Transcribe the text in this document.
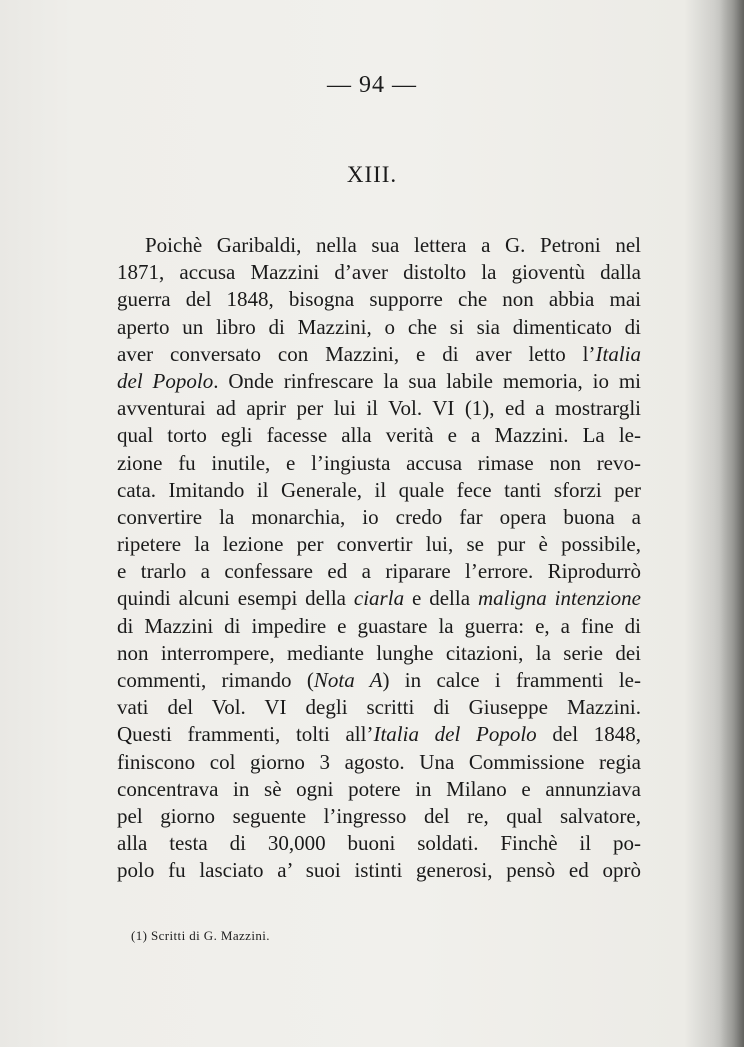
— 94 —
XIII.
Poichè Garibaldi, nella sua lettera a G. Petroni nel
1871, accusa Mazzini d’aver distolto la gioventù dalla
guerra del 1848, bisogna supporre che non abbia mai
aperto un libro di Mazzini, o che si sia dimenticato di
aver conversato con Mazzini, e di aver letto l’Italia
del Popolo. Onde rinfrescare la sua labile memoria, io mi
avventurai ad aprir per lui il Vol. VI (1), ed a mostrargli
qual torto egli facesse alla verità e a Mazzini. La le-
zione fu inutile, e l’ingiusta accusa rimase non revo-
cata. Imitando il Generale, il quale fece tanti sforzi per
convertire la monarchia, io credo far opera buona a
ripetere la lezione per convertir lui, se pur è possibile,
e trarlo a confessare ed a riparare l’errore. Riprodurrò
quindi alcuni esempi della ciarla e della maligna intenzione
di Mazzini di impedire e guastare la guerra: e, a fine di
non interrompere, mediante lunghe citazioni, la serie dei
commenti, rimando (Nota A) in calce i frammenti le-
vati del Vol. VI degli scritti di Giuseppe Mazzini.
Questi frammenti, tolti all’Italia del Popolo del 1848,
finiscono col giorno 3 agosto. Una Commissione regia
concentrava in sè ogni potere in Milano e annunziava
pel giorno seguente l’ingresso del re, qual salvatore,
alla testa di 30,000 buoni soldati. Finchè il po-
polo fu lasciato a’ suoi istinti generosi, pensò ed oprò
(1) Scritti di G. Mazzini.
